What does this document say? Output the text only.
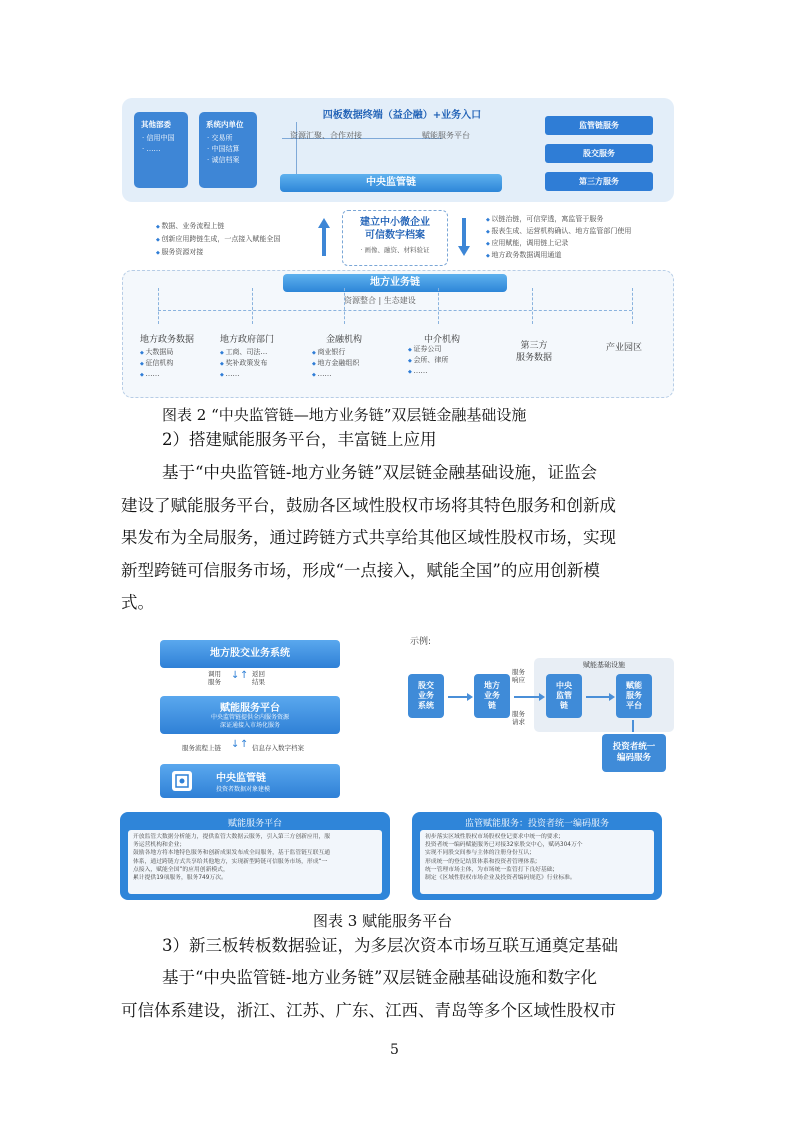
四板数据终端（益企融）+业务入口
资源汇聚、合作对接	赋能服务平台
其他部委
· 信用中国
· ……
系统内单位
· 交易所
· 中国结算
· 诚信档案
中央监管链
监管链服务
股交服务
第三方服务
◆ 数据、业务流程上链
◆ 创新应用跨链生成，一点接入赋能全国
◆ 服务资源对接
建立中小微企业
可信数字档案
· 画像、融资、材料验证
◆ 以链治链，可信穿透，寓监管于服务
◆ 报表生成、运营机构确认、地方监管部门使用
◆ 应用赋能，调用链上记录
◆ 地方政务数据调用通道
地方业务链
资源整合 | 生态建设
地方政务数据
◆ 大数据局
◆ 征信机构
◆ ……
地方政府部门
◆ 工商、司法…
◆ 奖补政策发布
◆ ……
金融机构
◆ 商业银行
◆ 地方金融组织
◆ ……
中介机构
◆ 证券公司
◆ 会所、律所
◆ ……
第三方
服务数据
产业园区
图表 2 “中央监管链—地方业务链”双层链金融基础设施
2）搭建赋能服务平台，丰富链上应用
基于“中央监管链-地方业务链”双层链金融基础设施，证监会
建设了赋能服务平台，鼓励各区域性股权市场将其特色服务和创新成
果发布为全局服务，通过跨链方式共享给其他区域性股权市场，实现
新型跨链可信服务市场，形成“一点接入，赋能全国”的应用创新模
式。
地方股交业务系统
调用
服务
↓ ↑ 返回
结果
赋能服务平台
中央监管链提供全内服务资源
深证通接入市场化服务
服务流程上链 ↓ ↑ 信息存入数字档案
中央监管链
投资者数据对象建模
示例:
赋能基础设施
股交
业务
系统
地方
业务
链
服务
响应
服务
请求
中央
监管
链
赋能
服务
平台
投资者统一
编码服务
赋能服务平台
开放监管大数据分析能力，提供监管大数据云服务，引入第三方创新应用，服
务运营机构和企业；
鼓励各地方将本地特色服务和创新成果发布成全局服务，基于监管链互联互通
体系，通过跨链方式共享给其他地方，实现新型跨链可信服务市场，形成“一
点接入，赋能全国”的应用创新模式，
累计提供19项服务，服务749万次。
监管赋能服务：投资者统一编码服务
初步落实区域性股权市场股权登记要求中统一的要求;
投资者统一编码赋能服务已对接32家股交中心，赋码304万个
实现不同股交间参与主体的注册身份互认;
形成统一的登记结算体系和投资者管理体系;
统一管理市场主体，为市场统一监管打下良好基础;
制定《区域性股权市场企业及投资者编码规范》行业标准。
图表 3 赋能服务平台
3）新三板转板数据验证，为多层次资本市场互联互通奠定基础
基于“中央监管链-地方业务链”双层链金融基础设施和数字化
可信体系建设，浙江、江苏、广东、江西、青岛等多个区域性股权市
5
